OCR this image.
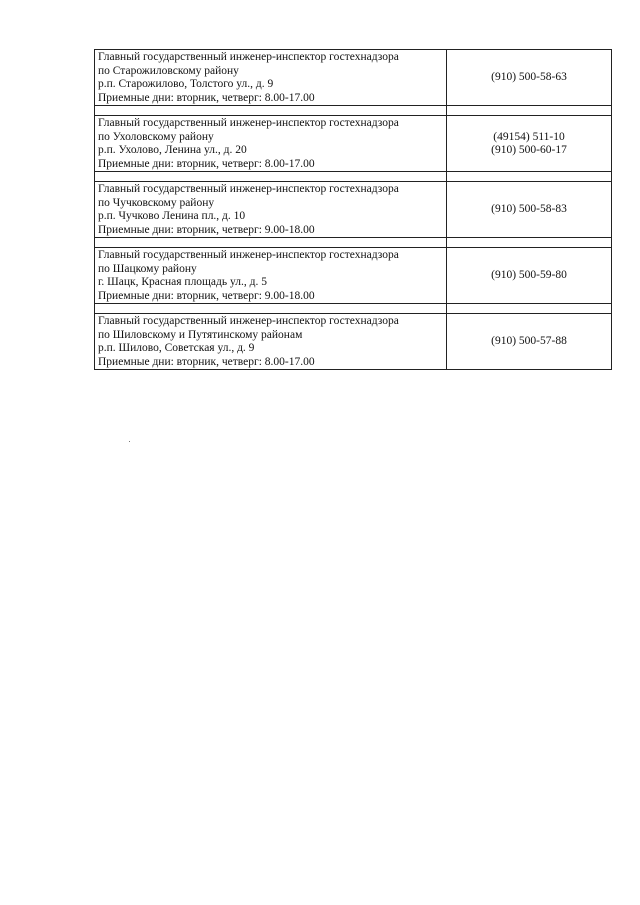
Главный государственный инженер-инспектор гостехнадзора
по Старожиловскому району
р.п. Старожилово, Толстого ул., д. 9
Приемные дни: вторник, четверг: 8.00-17.00	(910) 500-58-63

Главный государственный инженер-инспектор гостехнадзора
по Ухоловскому району
р.п. Ухолово, Ленина ул., д. 20
Приемные дни: вторник, четверг: 8.00-17.00	(49154) 511-10
(910) 500-60-17

Главный государственный инженер-инспектор гостехнадзора
по Чучковскому району
р.п. Чучково Ленина пл., д. 10
Приемные дни: вторник, четверг: 9.00-18.00	(910) 500-58-83

Главный государственный инженер-инспектор гостехнадзора
по Шацкому району
г. Шацк, Красная площадь ул., д. 5
Приемные дни: вторник, четверг: 9.00-18.00	(910) 500-59-80

Главный государственный инженер-инспектор гостехнадзора
по Шиловскому и Путятинскому районам
р.п. Шилово, Советская ул., д. 9
Приемные дни: вторник, четверг: 8.00-17.00	(910) 500-57-88
